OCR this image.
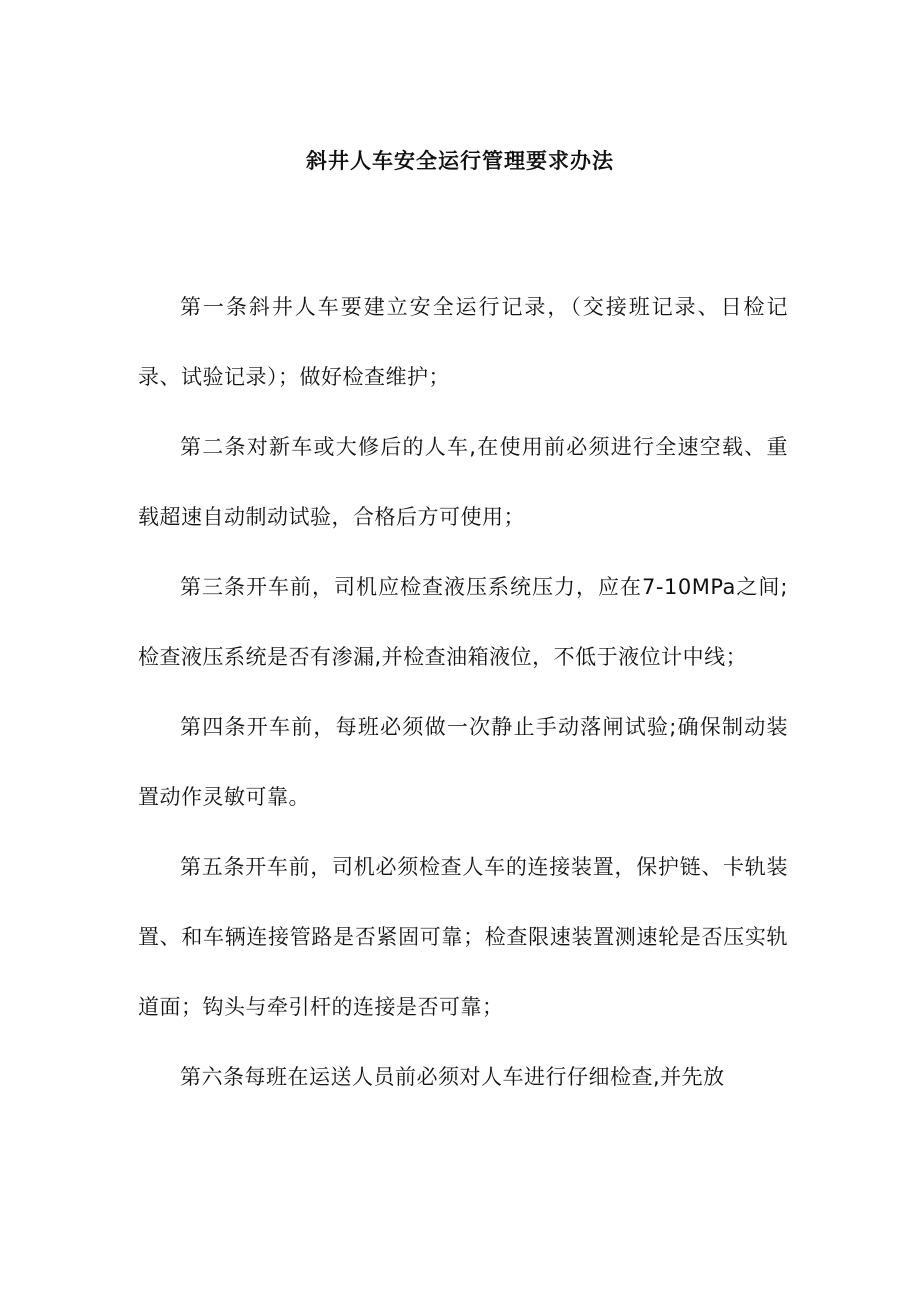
斜井人车安全运行管理要求办法

第一条斜井人车要建立安全运行记录，（交接班记录、日检记录、试验记录）；做好检查维护；

第二条对新车或大修后的人车,在使用前必须进行全速空载、重载超速自动制动试验，合格后方可使用；

第三条开车前，司机应检查液压系统压力，应在7-10MPa之间;检查液压系统是否有渗漏,并检查油箱液位，不低于液位计中线；

第四条开车前，每班必须做一次静止手动落闸试验;确保制动装置动作灵敏可靠。

第五条开车前，司机必须检查人车的连接装置，保护链、卡轨装置、和车辆连接管路是否紧固可靠；检查限速装置测速轮是否压实轨道面；钩头与牵引杆的连接是否可靠；

第六条每班在运送人员前必须对人车进行仔细检查,并先放
